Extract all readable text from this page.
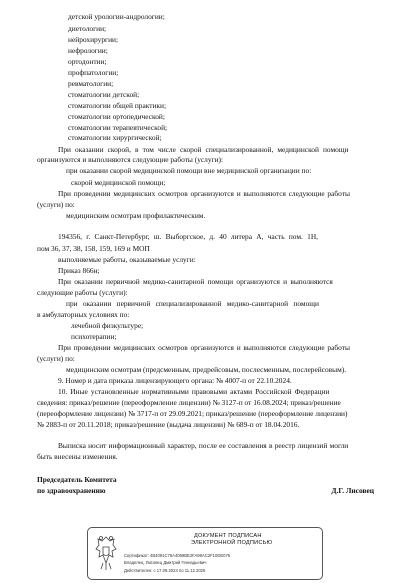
детской урологии-андрологии;
диетологии;
нейрохирургии;
нефрологии;
ортодонтии;
профпатологии;
ревматологии;
стоматологии детской;
стоматологии общей практики;
стоматологии ортопедической;
стоматологии терапевтической;
стоматологии хирургической;
При оказании скорой, в том числе скорой специализированной, медицинской помощи
организуются и выполняются следующие работы (услуги):
при оказании скорой медицинской помощи вне медицинской организации по:
скорой медицинской помощи;
При проведении медицинских осмотров организуются и выполняются следующие работы
(услуги) по:
медицинским осмотрам профилактическим.
194356, г. Санкт-Петербург, ш. Выборгское, д. 40 литера А, часть пом. 1Н,
пом 36, 37, 38, 158, 159, 169 и МОП
выполняемые работы, оказываемые услуги:
Приказ 866н;
При оказании первичной медико-санитарной помощи организуются и выполняются
следующие работы (услуги):
при оказании первичной специализированной медико-санитарной помощи
в амбулаторных условиях по:
лечебной физкультуре;
психотерапии;
При проведении медицинских осмотров организуются и выполняются следующие работы
(услуги) по:
медицинским осмотрам (предсменным, предрейсовым, послесменным, послерейсовым).
9. Номер и дата приказа лицензирующего органа: № 4007-п от 22.10.2024.
10. Иные установленные нормативными правовыми актами Российской Федерации
сведения: приказ/решение (переоформление лицензии) № 3127-п от 16.08.2024; приказ/решение
(переоформление лицензии) № 3717-п от 29.09.2021; приказ/решение (переоформление лицензии)
№ 2883-п от 20.11.2018; приказ/решение (выдача лицензии) № 689-п от 18.04.2016.
Выписка носит информационный характер, после ее составления в реестр лицензий могли
быть внесены изменения.
Председатель Комитета
по здравоохранению	Д.Г. Лисовец
ДОКУМЕНТ ПОДПИСАН
ЭЛЕКТРОННОЙ ПОДПИСЬЮ
Сертификат: 4B4091C76A4069BE2FA98AC2F10DE075
Владелец: Лисовец Дмитрий Геннадьевич
Действителен: с 17.09.2024 по 11.12.2025
